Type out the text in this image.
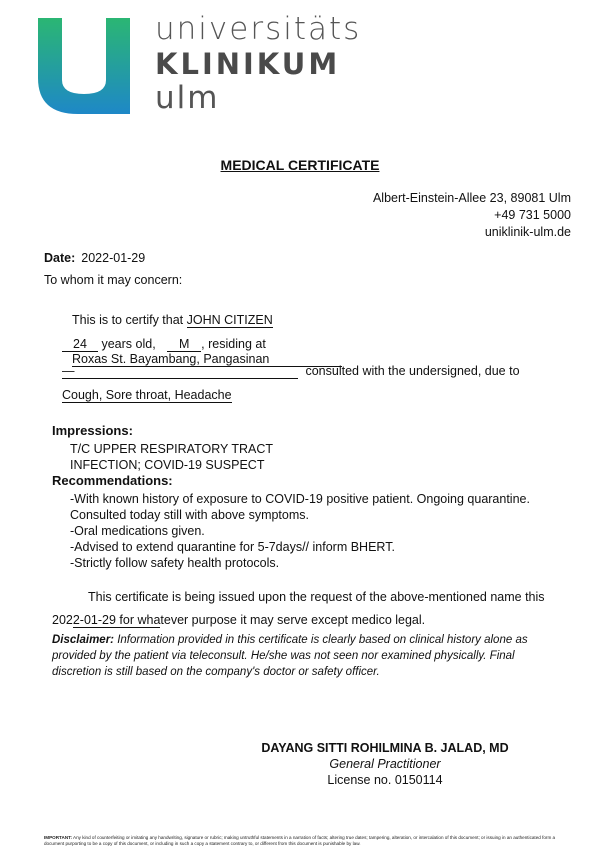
universitäts
KLINIKUM
ulm
MEDICAL CERTIFICATE
Albert-Einstein-Allee 23, 89081 Ulm
+49 731 5000
uniklinik-ulm.de
Date: 2022-01-29
To whom it may concern:
This is to certify that JOHN CITIZEN
24 years old, M , residing at Roxas St. Bayambang, Pangasinan
—	consulted with the undersigned, due to
Cough, Sore throat, Headache
Impressions:
T/C UPPER RESPIRATORY TRACT
INFECTION; COVID-19 SUSPECT
Recommendations:
-With known history of exposure to COVID-19 positive patient. Ongoing quarantine.
Consulted today still with above symptoms.
-Oral medications given.
-Advised to extend quarantine for 5-7days// inform BHERT.
-Strictly follow safety health protocols.
This certificate is being issued upon the request of the above-mentioned name this
2022-01-29 for whatever purpose it may serve except medico legal.
Disclaimer: Information provided in this certificate is clearly based on clinical history alone as provided by the patient via teleconsult. He/she was not seen nor examined physically. Final discretion is still based on the company's doctor or safety officer.
DAYANG SITTI ROHILMINA B. JALAD, MD
General Practitioner
License no. 0150114
IMPORTANT: Any kind of counterfeiting or imitating any handwriting, signature or rubric; making untruthful statements in a narration of facts; altering true dates; tampering, alteration, or intercalation of this document; or issuing in an authenticated form a document purporting to be a copy of this document, or including in such a copy a statement contrary to, or different from this document is punishable by law.
